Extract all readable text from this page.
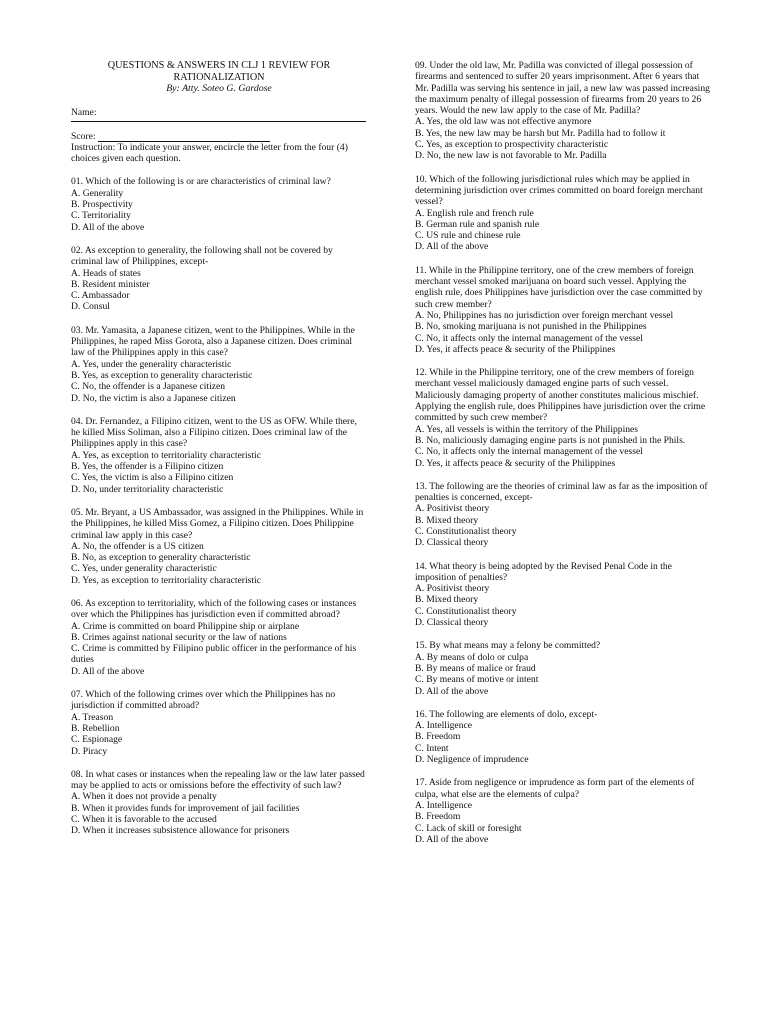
QUESTIONS & ANSWERS IN CLJ 1 REVIEW FOR RATIONALIZATION
By: Atty. Soteo G. Gardose
Name:
Score:
Instruction: To indicate your answer, encircle the letter from the four (4) choices given each question.
01. Which of the following is or are characteristics of criminal law?
A. Generality
B. Prospectivity
C. Territoriality
D. All of the above
02. As exception to generality, the following shall not be covered by criminal law of Philippines, except-
A. Heads of states
B. Resident minister
C. Ambassador
D. Consul
03. Mr. Yamasita, a Japanese citizen, went to the Philippines. While in the Philippines, he raped Miss Gorota, also a Japanese citizen. Does criminal law of the Philippines apply in this case?
A. Yes, under the generality characteristic
B. Yes, as exception to generality characteristic
C. No, the offender is a Japanese citizen
D. No, the victim is also a Japanese citizen
04. Dr. Fernandez, a Filipino citizen, went to the US as OFW. While there, he killed Miss Soliman, also a Filipino citizen. Does criminal law of the Philippines apply in this case?
A. Yes, as exception to territoriality characteristic
B. Yes, the offender is a Filipino citizen
C. Yes, the victim is also a Filipino citizen
D. No, under territoriality characteristic
05. Mr. Bryant, a US Ambassador, was assigned in the Philippines. While in the Philippines, he killed Miss Gomez, a Filipino citizen. Does Philippine criminal law apply in this case?
A. No, the offender is a US citizen
B. No, as exception to generality characteristic
C. Yes, under generality characteristic
D. Yes, as exception to territoriality characteristic
06. As exception to territoriality, which of the following cases or instances over which the Philippines has jurisdiction even if committed abroad?
A. Crime is committed on board Philippine ship or airplane
B. Crimes against national security or the law of nations
C. Crime is committed by Filipino public officer in the performance of his duties
D. All of the above
07. Which of the following crimes over which the Philippines has no jurisdiction if committed abroad?
A. Treason
B. Rebellion
C. Espionage
D. Piracy
08. In what cases or instances when the repealing law or the law later passed may be applied to acts or omissions before the effectivity of such law?
A. When it does not provide a penalty
B. When it provides funds for improvement of jail facilities
C. When it is favorable to the accused
D. When it increases subsistence allowance for prisoners
09. Under the old law, Mr. Padilla was convicted of illegal possession of firearms and sentenced to suffer 20 years imprisonment. After 6 years that Mr. Padilla was serving his sentence in jail, a new law was passed increasing the maximum penalty of illegal possession of firearms from 20 years to 26 years. Would the new law apply to the case of Mr. Padilla?
A. Yes, the old law was not effective anymore
B. Yes, the new law may be harsh but Mr. Padilla had to follow it
C. Yes, as exception to prospectivity characteristic
D. No, the new law is not favorable to Mr. Padilla
10. Which of the following jurisdictional rules which may be applied in determining jurisdiction over crimes committed on board foreign merchant vessel?
A. English rule and french rule
B. German rule and spanish rule
C. US rule and chinese rule
D. All of the above
11. While in the Philippine territory, one of the crew members of foreign merchant vessel smoked marijuana on board such vessel. Applying the english rule, does Philippines have jurisdiction over the case committed by such crew member?
A. No, Philippines has no jurisdiction over foreign merchant vessel
B. No, smoking marijuana is not punished in the Philippines
C. No, it affects only the internal management of the vessel
D. Yes, it affects peace & security of the Philippines
12. While in the Philippine territory, one of the crew members of foreign merchant vessel maliciously damaged engine parts of such vessel. Maliciously damaging property of another constitutes malicious mischief. Applying the english rule, does Philippines have jurisdiction over the crime committed by such crew member?
A. Yes, all vessels is within the territory of the Philippines
B. No, maliciously damaging engine parts is not punished in the Phils.
C. No, it affects only the internal management of the vessel
D. Yes, it affects peace & security of the Philippines
13. The following are the theories of criminal law as far as the imposition of penalties is concerned, except-
A. Positivist theory
B. Mixed theory
C. Constitutionalist theory
D. Classical theory
14. What theory is being adopted by the Revised Penal Code in the imposition of penalties?
A. Positivist theory
B. Mixed theory
C. Constitutionalist theory
D. Classical theory
15. By what means may a felony be committed?
A. By means of dolo or culpa
B. By means of malice or fraud
C. By means of motive or intent
D. All of the above
16. The following are elements of dolo, except-
A. Intelligence
B. Freedom
C. Intent
D. Negligence of imprudence
17. Aside from negligence or imprudence as form part of the elements of culpa, what else are the elements of culpa?
A. Intelligence
B. Freedom
C. Lack of skill or foresight
D. All of the above
